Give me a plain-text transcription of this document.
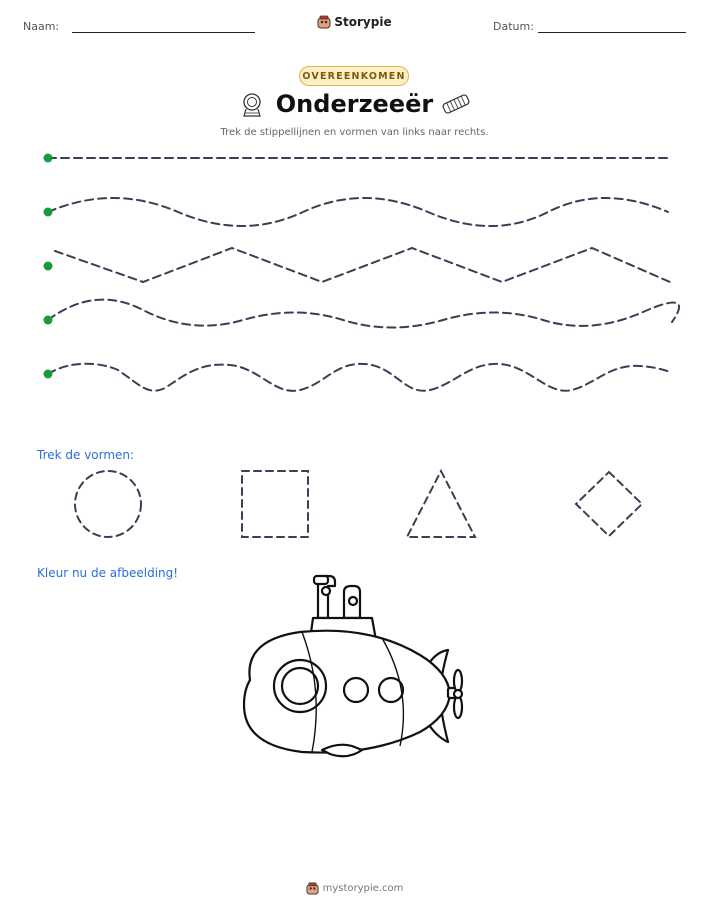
Naam:	Storypie	Datum:
OVEREENKOMEN
Onderzeeër
Trek de stippellijnen en vormen van links naar rechts.
Trek de vormen:
Kleur nu de afbeelding!
mystorypie.com
